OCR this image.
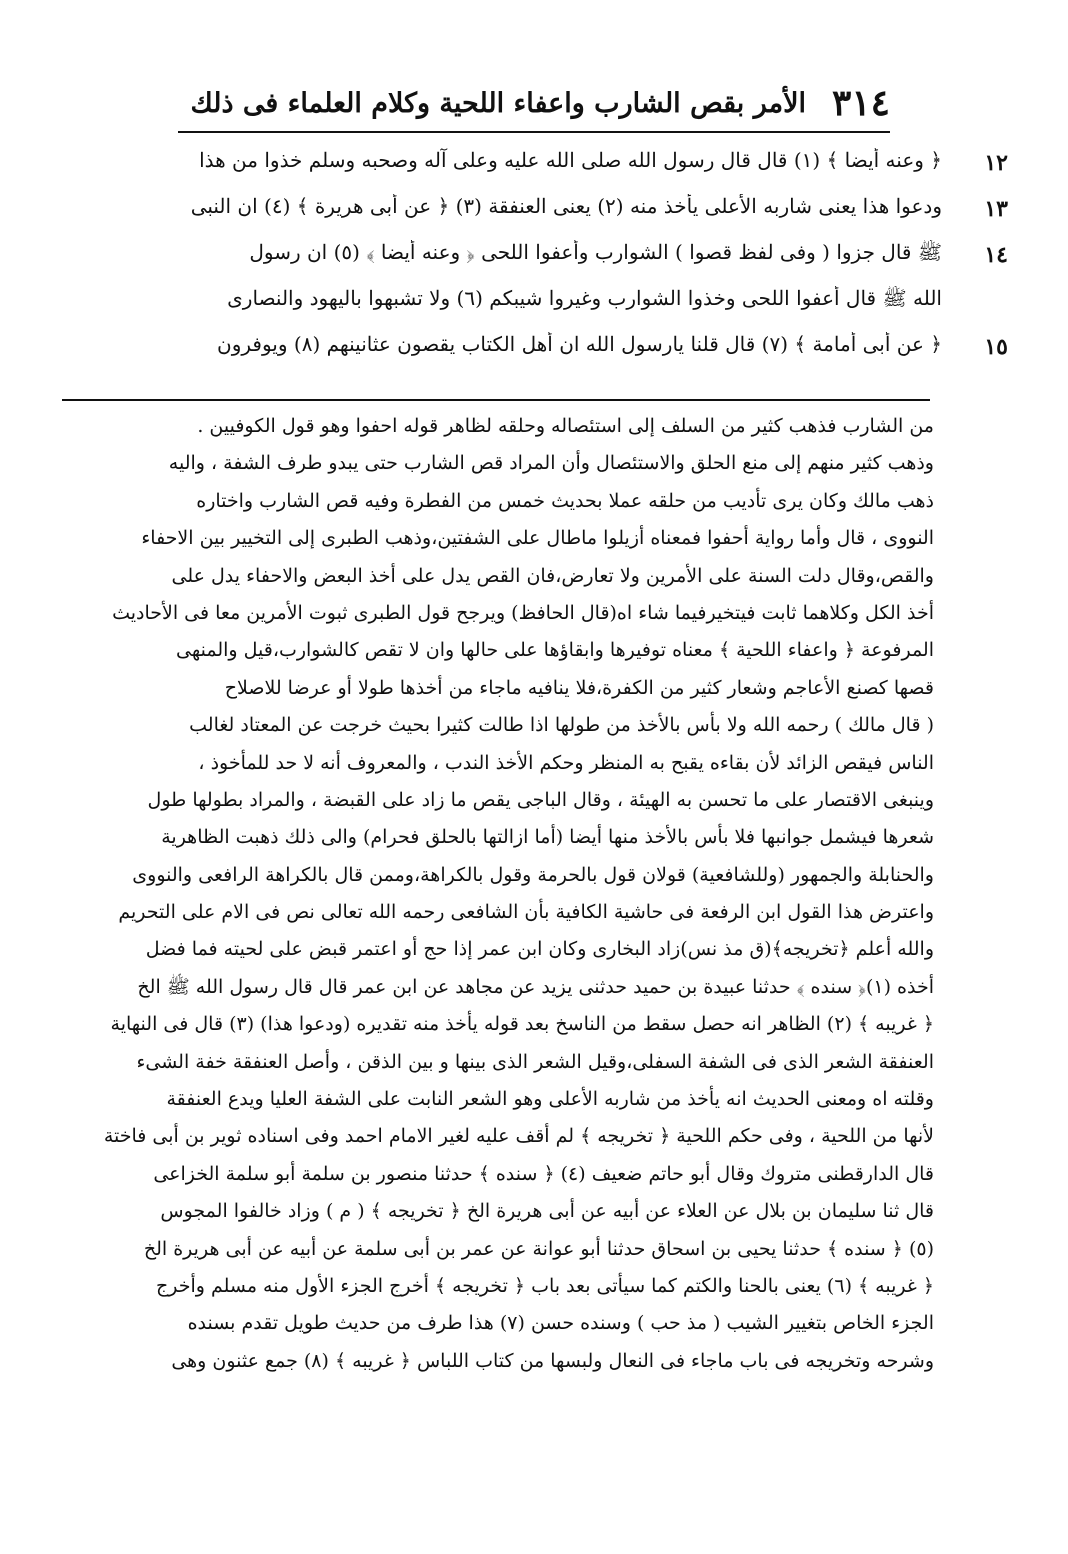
٣١٤
الأمر بقص الشارب واعفاء اللحية وكلام العلماء فى ذلك
﴿ وعنه أيضا ﴾ (١) قال قال رسول الله صلى الله عليه وعلى آله وصحبه وسلم خذوا من هذا ١٢
ودعوا هذا يعنى شاربه الأعلى يأخذ منه (٢) يعنى العنفقة (٣) ﴿ عن أبى هريرة ﴾ (٤) ان النبى ١٣
ﷺ قال جزوا ( وفى لفظ قصوا ) الشوارب وأعفوا اللحى ﴿ وعنه أيضا ﴾ (٥) ان رسول ١٤
الله ﷺ قال أعفوا اللحى وخذوا الشوارب وغيروا شيبكم (٦) ولا تشبهوا باليهود والنصارى
﴿ عن أبى أمامة ﴾ (٧) قال قلنا يارسول الله ان أهل الكتاب يقصون عثانينهم (٨) ويوفرون ١٥
من الشارب فذهب كثير من السلف إلى استئصاله وحلقه لظاهر قوله احفوا وهو قول الكوفيين .
وذهب كثير منهم إلى منع الحلق والاستئصال وأن المراد قص الشارب حتى يبدو طرف الشفة ، واليه
ذهب مالك وكان يرى تأديب من حلقه عملا بحديث خمس من الفطرة وفيه قص الشارب واختاره
النووى ، قال وأما رواية أحفوا فمعناه أزيلوا ماطال على الشفتين،وذهب الطبرى إلى التخيير بين الاحفاء
والقص،وقال دلت السنة على الأمرين ولا تعارض،فان القص يدل على أخذ البعض والاحفاء يدل على
أخذ الكل وكلاهما ثابت فيتخيرفيما شاء اه(قال الحافظ) ويرجح قول الطبرى ثبوت الأمرين معا فى الأحاديث
المرفوعة ﴿ واعفاء اللحية ﴾ معناه توفيرها وابقاؤها على حالها وان لا تقص كالشوارب،قيل والمنهى
قصها كصنع الأعاجم وشعار كثير من الكفرة،فلا ينافيه ماجاء من أخذها طولا أو عرضا للاصلاح
( قال مالك ) رحمه الله ولا بأس بالأخذ من طولها اذا طالت كثيرا بحيث خرجت عن المعتاد لغالب
الناس فيقص الزائد لأن بقاءه يقبح به المنظر وحكم الأخذ الندب ، والمعروف أنه لا حد للمأخوذ ،
وينبغى الاقتصار على ما تحسن به الهيئة ، وقال الباجى يقص ما زاد على القبضة ، والمراد بطولها طول
شعرها فيشمل جوانبها فلا بأس بالأخذ منها أيضا (أما ازالتها بالحلق فحرام) والى ذلك ذهبت الظاهرية
والحنابلة والجمهور (وللشافعية) قولان قول بالحرمة وقول بالكراهة،وممن قال بالكراهة الرافعى والنووى
واعترض هذا القول ابن الرفعة فى حاشية الكافية بأن الشافعى رحمه الله تعالى نص فى الام على التحريم
والله أعلم ﴿تخريجه﴾(ق مذ نس)زاد البخارى وكان ابن عمر إذا حج أو اعتمر قبض على لحيته فما فضل
أخذه (١)﴿ سنده ﴾ حدثنا عبيدة بن حميد حدثنى يزيد عن مجاهد عن ابن عمر قال قال رسول الله ﷺ الخ
﴿ غريبه ﴾ (٢) الظاهر انه حصل سقط من الناسخ بعد قوله يأخذ منه تقديره (ودعوا هذا) (٣) قال فى النهاية
العنفقة الشعر الذى فى الشفة السفلى،وقيل الشعر الذى بينها و بين الذقن ، وأصل العنفقة خفة الشىء
وقلته اه ومعنى الحديث انه يأخذ من شاربه الأعلى وهو الشعر النابت على الشفة العليا ويدع العنفقة
لأنها من اللحية ، وفى حكم اللحية ﴿ تخريجه ﴾ لم أقف عليه لغير الامام احمد وفى اسناده ثوير بن أبى فاختة
قال الدارقطنى متروك وقال أبو حاتم ضعيف (٤) ﴿ سنده ﴾ حدثنا منصور بن سلمة أبو سلمة الخزاعى
قال ثنا سليمان بن بلال عن العلاء عن أبيه عن أبى هريرة الخ ﴿ تخريجه ﴾ ( م ) وزاد خالفوا المجوس
(٥) ﴿ سنده ﴾ حدثنا يحيى بن اسحاق حدثنا أبو عوانة عن عمر بن أبى سلمة عن أبيه عن أبى هريرة الخ
﴿ غريبه ﴾ (٦) يعنى بالحنا والكتم كما سيأتى بعد باب ﴿ تخريجه ﴾ أخرج الجزء الأول منه مسلم وأخرج
الجزء الخاص بتغيير الشيب ( مذ حب ) وسنده حسن (٧) هذا طرف من حديث طويل تقدم بسنده
وشرحه وتخريجه فى باب ماجاء فى النعال ولبسها من كتاب اللباس ﴿ غريبه ﴾ (٨) جمع عثنون وهى
